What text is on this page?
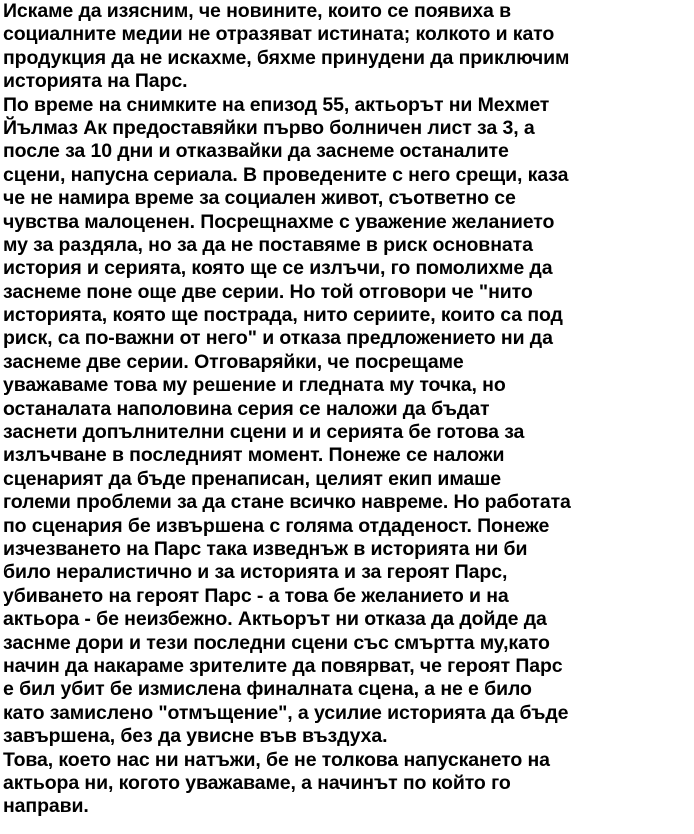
Искаме да изясним, че новините, които се появиха в
социалните медии не отразяват истината; колкото и като
продукция да не искахме, бяхме принудени да приключим
историята на Парс.
По време на снимките на епизод 55, актьорът ни Мехмет
Йълмаз Ак предоставяйки първо болничен лист за 3, а
после за 10 дни и отказвайки да заснеме останалите
сцени, напусна сериала. В проведените с него срещи, каза
че не намира време за социален живот, съответно се
чувства малоценен. Посрещнахме с уважение желанието
му за раздяла, но за да не поставяме в риск основната
история и серията, която ще се излъчи, го помолихме да
заснеме поне още две серии. Но той отговори че "нито
историята, която ще пострада, нито сериите, които са под
риск, са по-важни от него" и отказа предложението ни да
заснеме две серии. Отговаряйки, че посрещаме
уважаваме това му решение и гледната му точка, но
останалата наполовина серия се наложи да бъдат
заснети допълнителни сцени и и серията бе готова за
излъчване в последният момент. Понеже се наложи
сценарият да бъде пренаписан, целият екип имаше
големи проблеми за да стане всичко навреме. Но работата
по сценария бе извършена с голяма отдаденост. Понеже
изчезването на Парс така изведнъж в историята ни би
било нерaлистично и за историята и за героят Парс,
убиването на героят Парс - а това бе желанието и на
актьора - бе неизбежно. Актьорът ни отказа да дойде да
заснме дори и тези последни сцени със смъртта му,като
начин да накараме зрителите да повярват, че героят Парс
е бил убит бе измислена финалната сцена, а не е било
като замислено "отмъщение", а усилие историята да бъде
завършена, без да увисне във въздуха.
Това, което нас ни натъжи, бе не толкова напускането на
актьора ни, когото уважаваме, а начинът по който го
направи.
